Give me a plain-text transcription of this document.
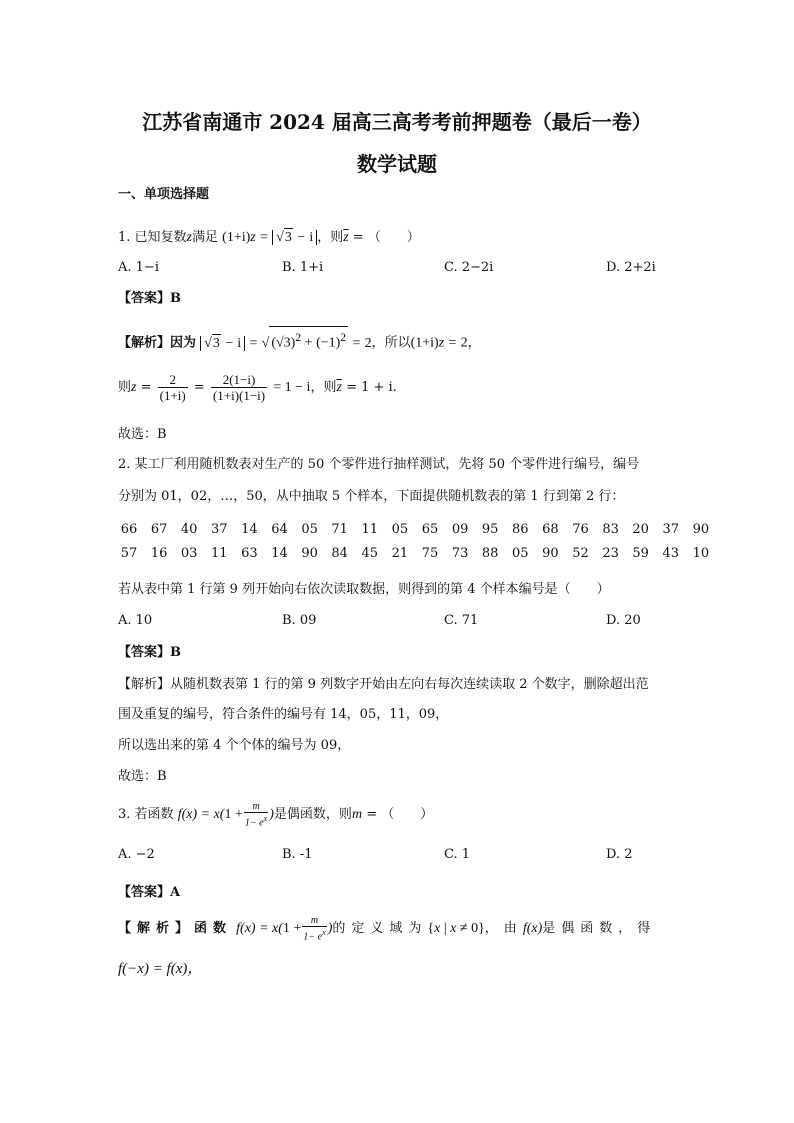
江苏省南通市 2024 届高三高考考前押题卷（最后一卷）
数学试题
一、单项选择题
1. 已知复数z满足 (1+i)z = √3 − i ，则$\overline{z}$ = （　　）
A. 1−i	B. 1+i	C. 2−2i	D. 2+2i
【答案】B
【解析】因为 √3 − i = √ $(√3)^2 + (-1)^2 = 2$，所以(1+i)z = 2，
则$z = \frac{2}{(1+i)} = \frac{2(1-i)}{(1+i)(1-i)} = 1 - i$，则$\overline{z} = 1 + i$.
故选：B
2. 某工厂利用随机数表对生产的 50 个零件进行抽样测试，先将 50 个零件进行编号，编号
分别为 01，02，…，50，从中抽取 5 个样本，下面提供随机数表的第 1 行到第 2 行：
66	67	40	37	14	64	05	71	11	05	65	09	95	86	68	76	83	20	37	90
57	16	03	11	63	14	90	84	45	21	75	73	88	05	90	52	23	59	43	10
若从表中第 1 行第 9 列开始向右依次读取数据，则得到的第 4 个样本编号是（　　）
A. 10	B. 09	C. 71	D. 20
【答案】B
【解析】从随机数表第 1 行的第 9 列数字开始由左向右每次连续读取 2 个数字，删除超出范
围及重复的编号，符合条件的编号有 14，05，11，09，
所以选出来的第 4 个个体的编号为 09，
故选：B
3. 若函数 $f(x) = x(1 + \frac{m}{1- e^x}$ )是偶函数，则m = （　　）
A. −2	B. -1	C. 1	D. 2
【答案】A
【解析】函数 $f(x) = x(1 + \frac{m}{1- e^x}$ )的定义域为{x | x ≠ 0}，由f(x)是偶函数，得
f(−x) = f(x)，
